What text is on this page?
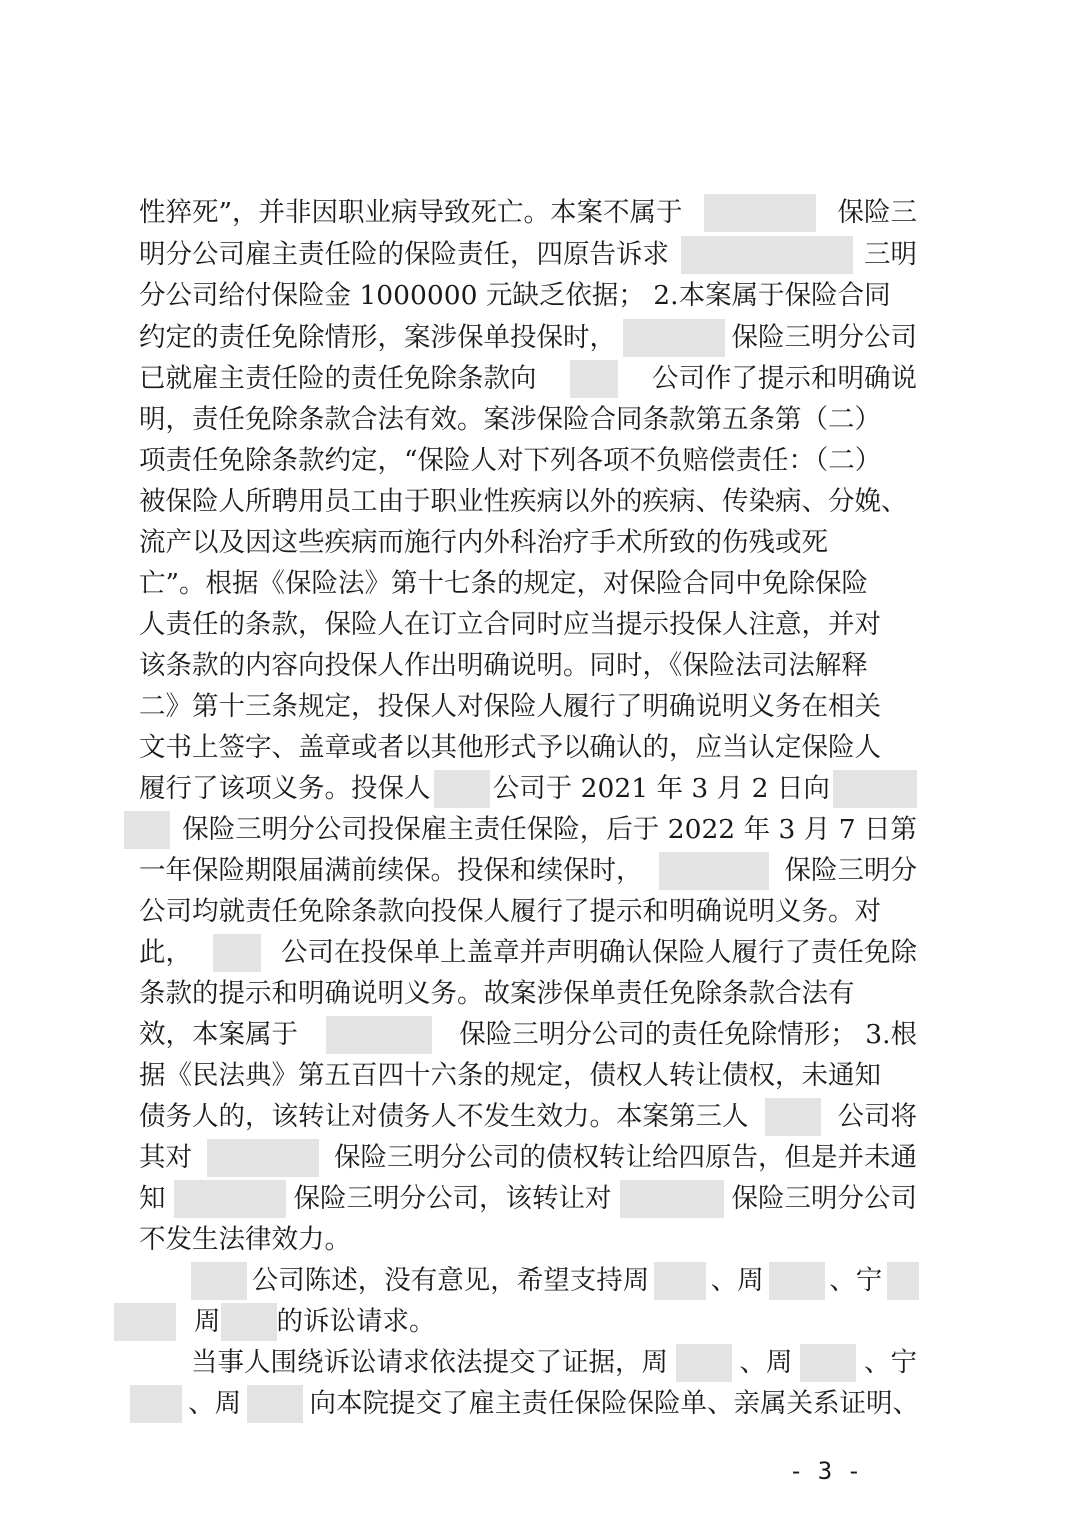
性猝死”，并非因职业病导致死亡。本案不属于	保险三
明分公司雇主责任险的保险责任，四原告诉求	三明
分公司给付保险金 1000000 元缺乏依据； 2.本案属于保险合同
约定的责任免除情形，案涉保单投保时，	保险三明分公司
已就雇主责任险的责任免除条款向	公司作了提示和明确说
明，责任免除条款合法有效。案涉保险合同条款第五条第（二）
项责任免除条款约定，“保险人对下列各项不负赔偿责任：（二）
被保险人所聘用员工由于职业性疾病以外的疾病、传染病、分娩、
流产以及因这些疾病而施行内外科治疗手术所致的伤残或死
亡”。根据《保险法》第十七条的规定，对保险合同中免除保险
人责任的条款，保险人在订立合同时应当提示投保人注意，并对
该条款的内容向投保人作出明确说明。同时，《保险法司法解释
二》第十三条规定，投保人对保险人履行了明确说明义务在相关
文书上签字、盖章或者以其他形式予以确认的，应当认定保险人
履行了该项义务。投保人 公司于 2021 年 3 月 2 日向
保险三明分公司投保雇主责任保险，后于 2022 年 3 月 7 日第
一年保险期限届满前续保。投保和续保时，	保险三明分
公司均就责任免除条款向投保人履行了提示和明确说明义务。对
此，	公司在投保单上盖章并声明确认保险人履行了责任免除
条款的提示和明确说明义务。故案涉保单责任免除条款合法有
效，本案属于	保险三明分公司的责任免除情形； 3.根
据《民法典》第五百四十六条的规定，债权人转让债权，未通知
债务人的，该转让对债务人不发生效力。本案第三人	公司将
其对	保险三明分公司的债权转让给四原告，但是并未通
知	保险三明分公司，该转让对	保险三明分公司
不发生法律效力。
公司陈述，没有意见，希望支持周 、周 、宁
周 的诉讼请求。
当事人围绕诉讼请求依法提交了证据，周	、周	、宁
、周	向本院提交了雇主责任保险保险单、亲属关系证明、
- 3 -
